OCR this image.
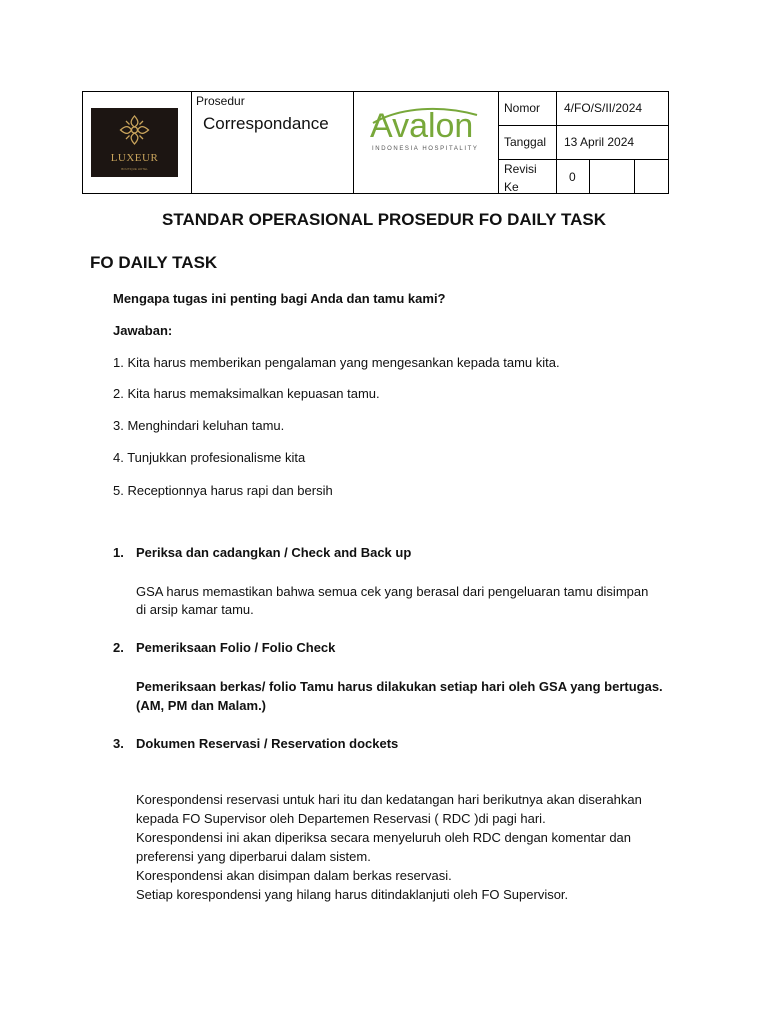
LUXEUR
BOUTIQUE HOTEL
Prosedur
Correspondance Avalon
INDONESIA HOSPITALITY
Nomor 4/FO/S/II/2024
Tanggal 13 April 2024
Revisi
Ke
0
STANDAR OPERASIONAL PROSEDUR FO DAILY TASK
FO DAILY TASK

Mengapa tugas ini penting bagi Anda dan tamu kami?

Jawaban:

1. Kita harus memberikan pengalaman yang mengesankan kepada tamu kita.

2. Kita harus memaksimalkan kepuasan tamu.

3. Menghindari keluhan tamu.

4. Tunjukkan profesionalisme kita

5. Receptionnya harus rapi dan bersih

1. Periksa dan cadangkan / Check and Back up

GSA harus memastikan bahwa semua cek yang berasal dari pengeluaran tamu disimpan

di arsip kamar tamu.

2. Pemeriksaan Folio / Folio Check

Pemeriksaan berkas/ folio Tamu harus dilakukan setiap hari oleh GSA yang bertugas.

(AM, PM dan Malam.)

3. Dokumen Reservasi / Reservation dockets

Korespondensi reservasi untuk hari itu dan kedatangan hari berikutnya akan diserahkan

kepada FO Supervisor oleh Departemen Reservasi ( RDC )di pagi hari.

Korespondensi ini akan diperiksa secara menyeluruh oleh RDC dengan komentar dan

preferensi yang diperbarui dalam sistem.

Korespondensi akan disimpan dalam berkas reservasi.

Setiap korespondensi yang hilang harus ditindaklanjuti oleh FO Supervisor.
